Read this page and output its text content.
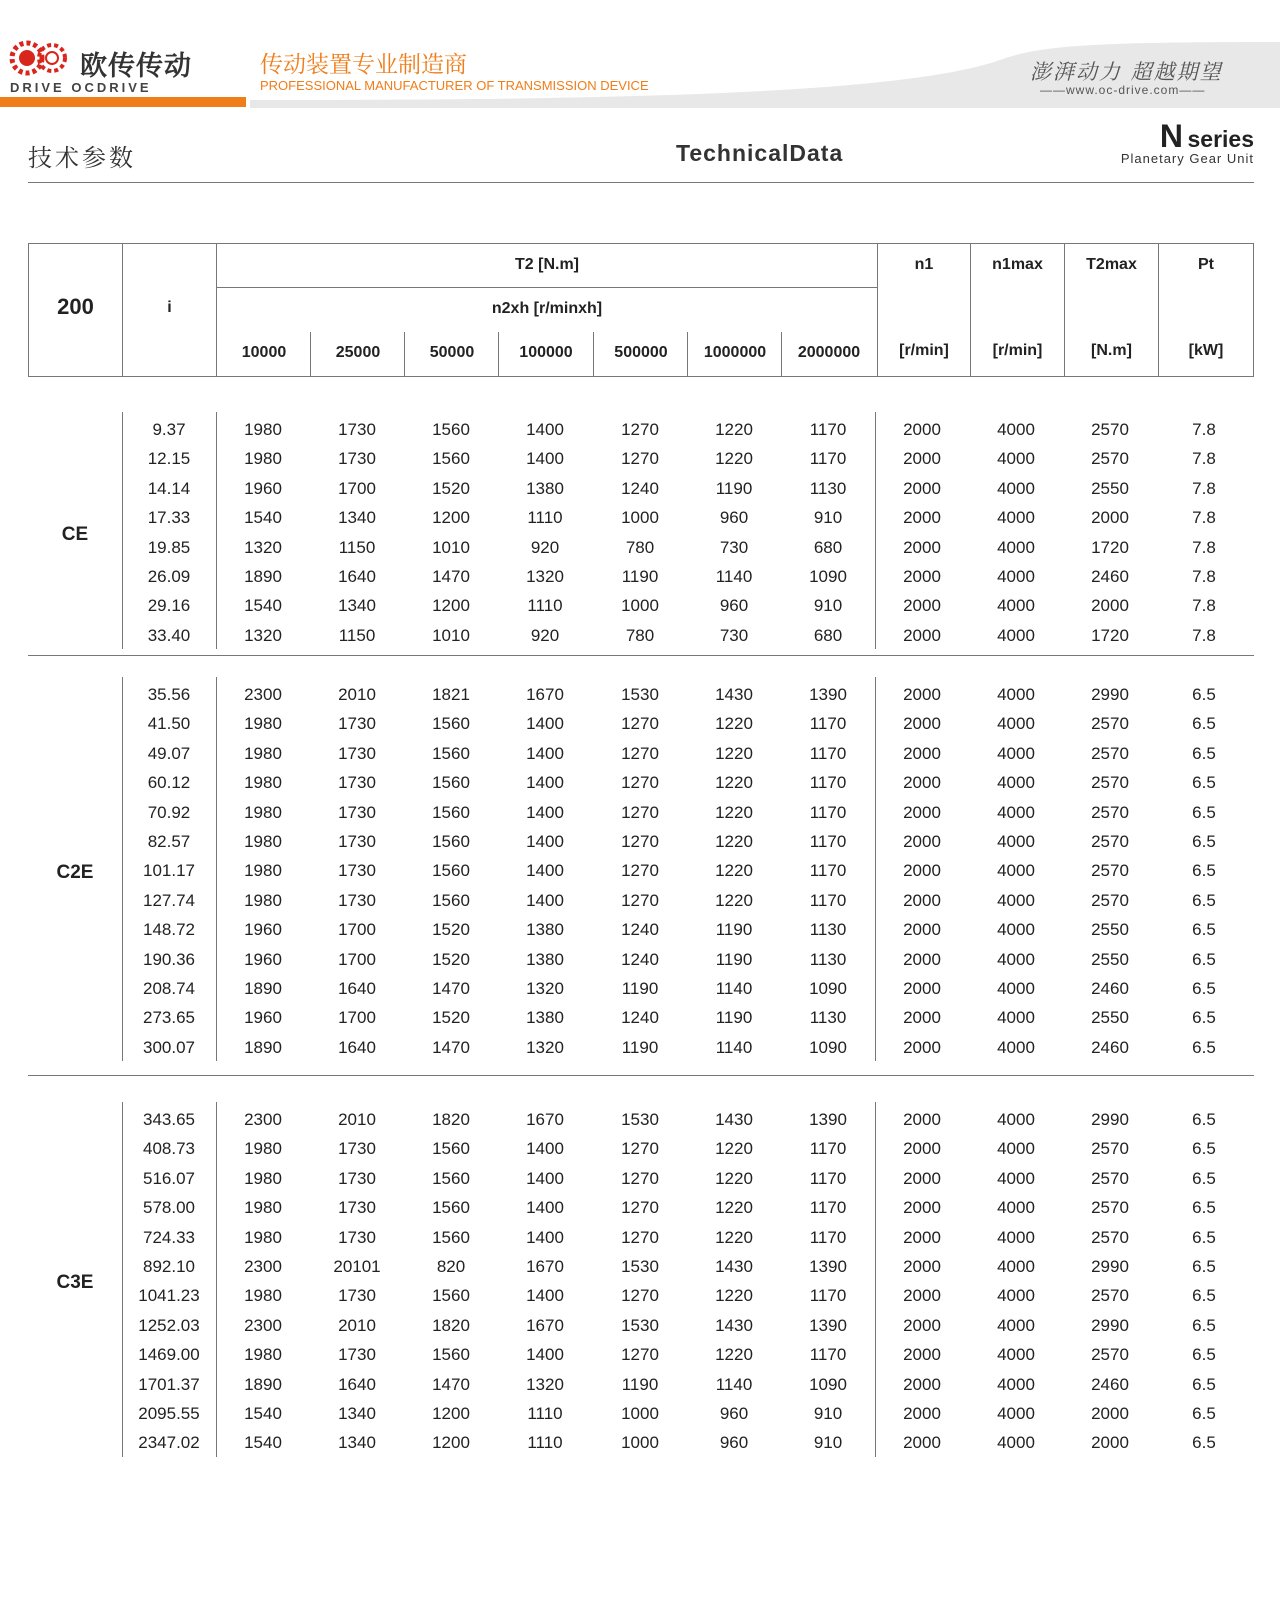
欧传传动
DRIVE OCDRIVE
传动装置专业制造商
PROFESSIONAL MANUFACTURER OF TRANSMISSION DEVICE
澎湃动力 超越期望
——www.oc-drive.com——
技术参数	TechnicalData	N series
Planetary Gear Unit
200	i
T2 [N.m]
n2xh [r/minxh]
10000	25000	50000	100000	500000	1000000	2000000
n1
[r/min]
n1max
[r/min]
T2max
[N.m]
Pt
[kW]
CE
9.37	1980	1730	1560	1400	1270	1220	1170	2000	4000	2570	7.8
12.15	1980	1730	1560	1400	1270	1220	1170	2000	4000	2570	7.8
14.14	1960	1700	1520	1380	1240	1190	1130	2000	4000	2550	7.8
17.33	1540	1340	1200	1110	1000	960	910	2000	4000	2000	7.8
19.85	1320	1150	1010	920	780	730	680	2000	4000	1720	7.8
26.09	1890	1640	1470	1320	1190	1140	1090	2000	4000	2460	7.8
29.16	1540	1340	1200	1110	1000	960	910	2000	4000	2000	7.8
33.40	1320	1150	1010	920	780	730	680	2000	4000	1720	7.8
C2E
35.56	2300	2010	1821	1670	1530	1430	1390	2000	4000	2990	6.5
41.50	1980	1730	1560	1400	1270	1220	1170	2000	4000	2570	6.5
49.07	1980	1730	1560	1400	1270	1220	1170	2000	4000	2570	6.5
60.12	1980	1730	1560	1400	1270	1220	1170	2000	4000	2570	6.5
70.92	1980	1730	1560	1400	1270	1220	1170	2000	4000	2570	6.5
82.57	1980	1730	1560	1400	1270	1220	1170	2000	4000	2570	6.5
101.17	1980	1730	1560	1400	1270	1220	1170	2000	4000	2570	6.5
127.74	1980	1730	1560	1400	1270	1220	1170	2000	4000	2570	6.5
148.72	1960	1700	1520	1380	1240	1190	1130	2000	4000	2550	6.5
190.36	1960	1700	1520	1380	1240	1190	1130	2000	4000	2550	6.5
208.74	1890	1640	1470	1320	1190	1140	1090	2000	4000	2460	6.5
273.65	1960	1700	1520	1380	1240	1190	1130	2000	4000	2550	6.5
300.07	1890	1640	1470	1320	1190	1140	1090	2000	4000	2460	6.5
C3E
343.65	2300	2010	1820	1670	1530	1430	1390	2000	4000	2990	6.5
408.73	1980	1730	1560	1400	1270	1220	1170	2000	4000	2570	6.5
516.07	1980	1730	1560	1400	1270	1220	1170	2000	4000	2570	6.5
578.00	1980	1730	1560	1400	1270	1220	1170	2000	4000	2570	6.5
724.33	1980	1730	1560	1400	1270	1220	1170	2000	4000	2570	6.5
892.10	2300	20101	820	1670	1530	1430	1390	2000	4000	2990	6.5
1041.23	1980	1730	1560	1400	1270	1220	1170	2000	4000	2570	6.5
1252.03	2300	2010	1820	1670	1530	1430	1390	2000	4000	2990	6.5
1469.00	1980	1730	1560	1400	1270	1220	1170	2000	4000	2570	6.5
1701.37	1890	1640	1470	1320	1190	1140	1090	2000	4000	2460	6.5
2095.55	1540	1340	1200	1110	1000	960	910	2000	4000	2000	6.5
2347.02	1540	1340	1200	1110	1000	960	910	2000	4000	2000	6.5
